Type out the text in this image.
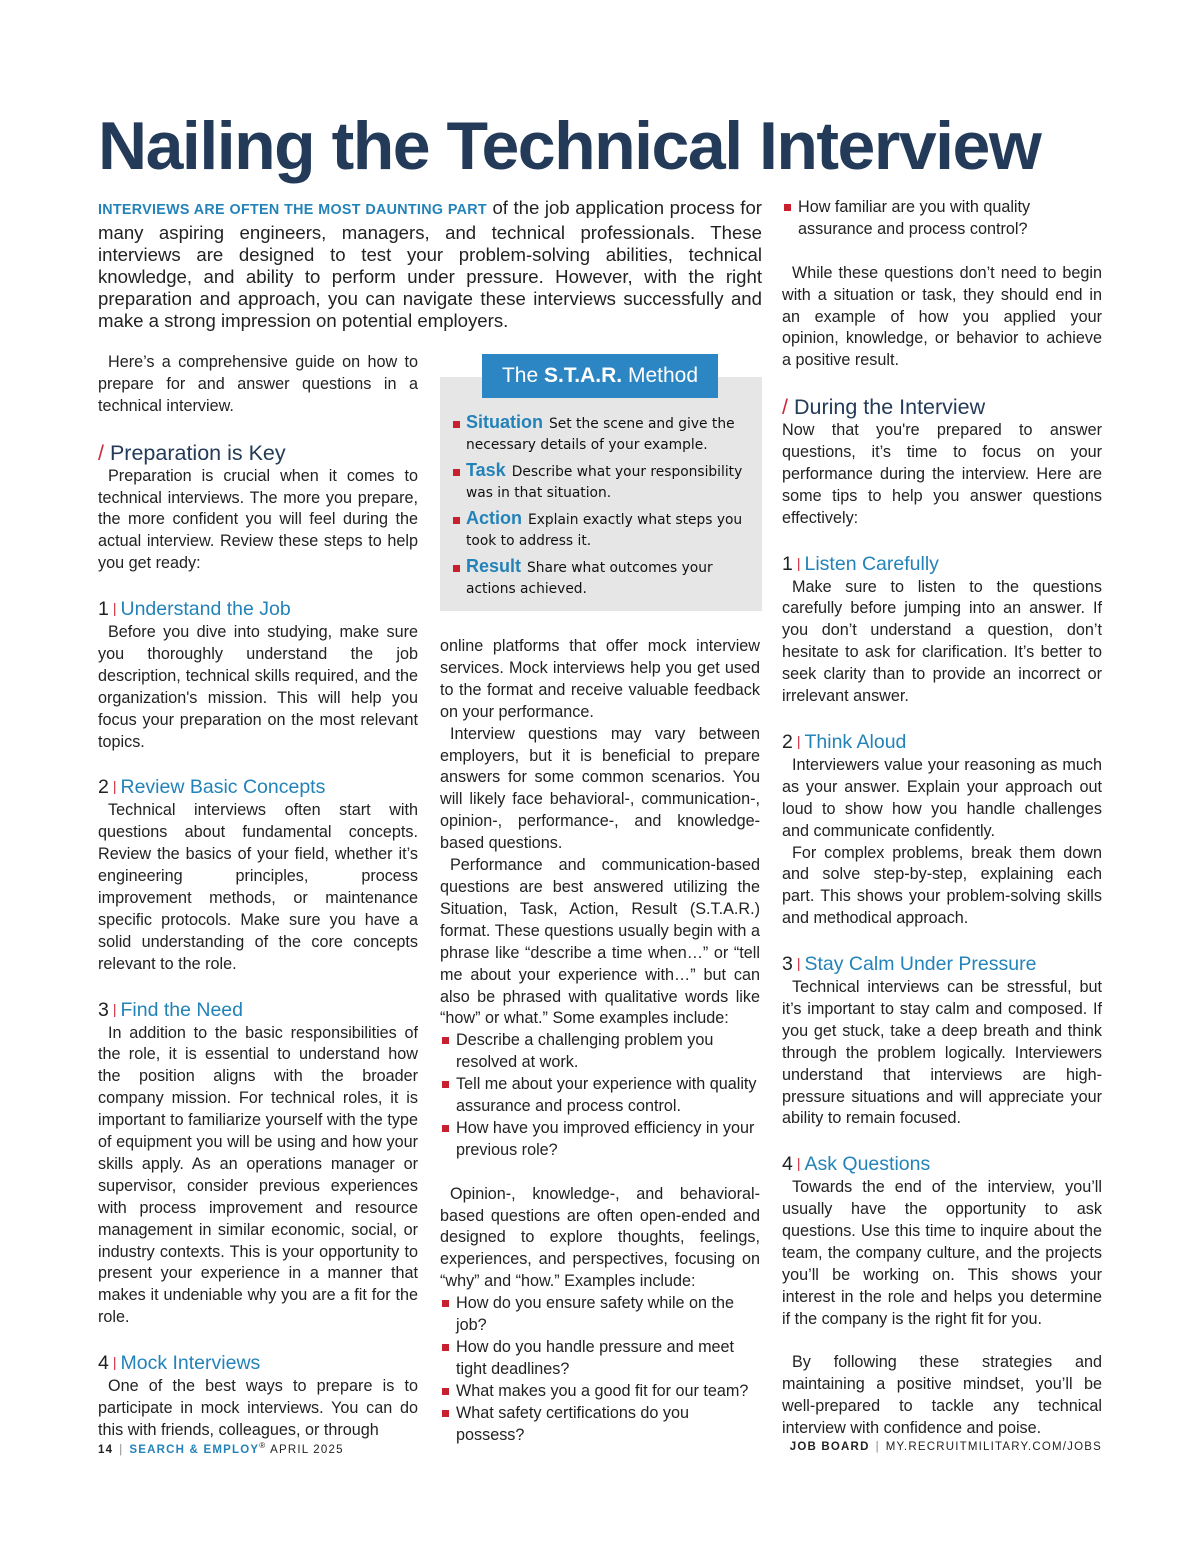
Nailing the Technical Interview
INTERVIEWS ARE OFTEN THE MOST DAUNTING PART of the job application process for many aspiring engineers, managers, and technical professionals. These interviews are designed to test your problem-solving abilities, technical knowledge, and ability to perform under pressure. However, with the right preparation and approach, you can navigate these interviews successfully and make a strong impression on potential employers.

Here’s a comprehensive guide on how to prepare for and answer questions in a technical interview.

/ Preparation is Key

Preparation is crucial when it comes to technical interviews. The more you prepare, the more confident you will feel during the actual interview. Review these steps to help you get ready:

1 | Understand the Job

Before you dive into studying, make sure you thoroughly understand the job description, technical skills required, and the organization's mission. This will help you focus your preparation on the most relevant topics.

2 | Review Basic Concepts

Technical interviews often start with questions about fundamental concepts. Review the basics of your field, whether it’s engineering principles, process improvement methods, or maintenance specific protocols. Make sure you have a solid understanding of the core concepts relevant to the role.

3 | Find the Need

In addition to the basic responsibilities of the role, it is essential to understand how the position aligns with the broader company mission. For technical roles, it is important to familiarize yourself with the type of equipment you will be using and how your skills apply. As an operations manager or supervisor, consider previous experiences with process improvement and resource management in similar economic, social, or industry contexts. This is your opportunity to present your experience in a manner that makes it undeniable why you are a fit for the role.

4 | Mock Interviews

One of the best ways to prepare is to participate in mock interviews. You can do this with friends, colleagues, or through

The S.T.A.R. Method
Situation Set the scene and give the necessary details of your example.
Task Describe what your responsibility was in that situation.
Action Explain exactly what steps you took to address it.
Result Share what outcomes your actions achieved.

online platforms that offer mock interview services. Mock interviews help you get used to the format and receive valuable feedback on your performance.

Interview questions may vary between employers, but it is beneficial to prepare answers for some common scenarios. You will likely face behavioral-, communication-, opinion-, performance-, and knowledge-based questions.

Performance and communication-based questions are best answered utilizing the Situation, Task, Action, Result (S.T.A.R.) format. These questions usually begin with a phrase like “describe a time when…” or “tell me about your experience with…” but can also be phrased with qualitative words like “how” or what.” Some examples include:

Describe a challenging problem you resolved at work.
Tell me about your experience with quality assurance and process control.
How have you improved efficiency in your previous role?

Opinion-, knowledge-, and behavioral-based questions are often open-ended and designed to explore thoughts, feelings, experiences, and perspectives, focusing on “why” and “how.” Examples include:

How do you ensure safety while on the job?
How do you handle pressure and meet tight deadlines?
What makes you a good fit for our team?
What safety certifications do you possess?
How familiar are you with quality assurance and process control?

While these questions don’t need to begin with a situation or task, they should end in an example of how you applied your opinion, knowledge, or behavior to achieve a positive result.

/ During the Interview

Now that you're prepared to answer questions, it’s time to focus on your performance during the interview. Here are some tips to help you answer questions effectively:

1 | Listen Carefully

Make sure to listen to the questions carefully before jumping into an answer. If you don’t understand a question, don’t hesitate to ask for clarification. It’s better to seek clarity than to provide an incorrect or irrelevant answer.

2 | Think Aloud

Interviewers value your reasoning as much as your answer. Explain your approach out loud to show how you handle challenges and communicate confidently.

For complex problems, break them down and solve step-by-step, explaining each part. This shows your problem-solving skills and methodical approach.

3 | Stay Calm Under Pressure

Technical interviews can be stressful, but it’s important to stay calm and composed. If you get stuck, take a deep breath and think through the problem logically. Interviewers understand that interviews are high-pressure situations and will appreciate your ability to remain focused.

4 | Ask Questions

Towards the end of the interview, you’ll usually have the opportunity to ask questions. Use this time to inquire about the team, the company culture, and the projects you’ll be working on. This shows your interest in the role and helps you determine if the company is the right fit for you.

By following these strategies and maintaining a positive mindset, you’ll be well-prepared to tackle any technical interview with confidence and poise.

14 | SEARCH & EMPLOY® APRIL 2025	JOB BOARD | MY.RECRUITMILITARY.COM/JOBS
